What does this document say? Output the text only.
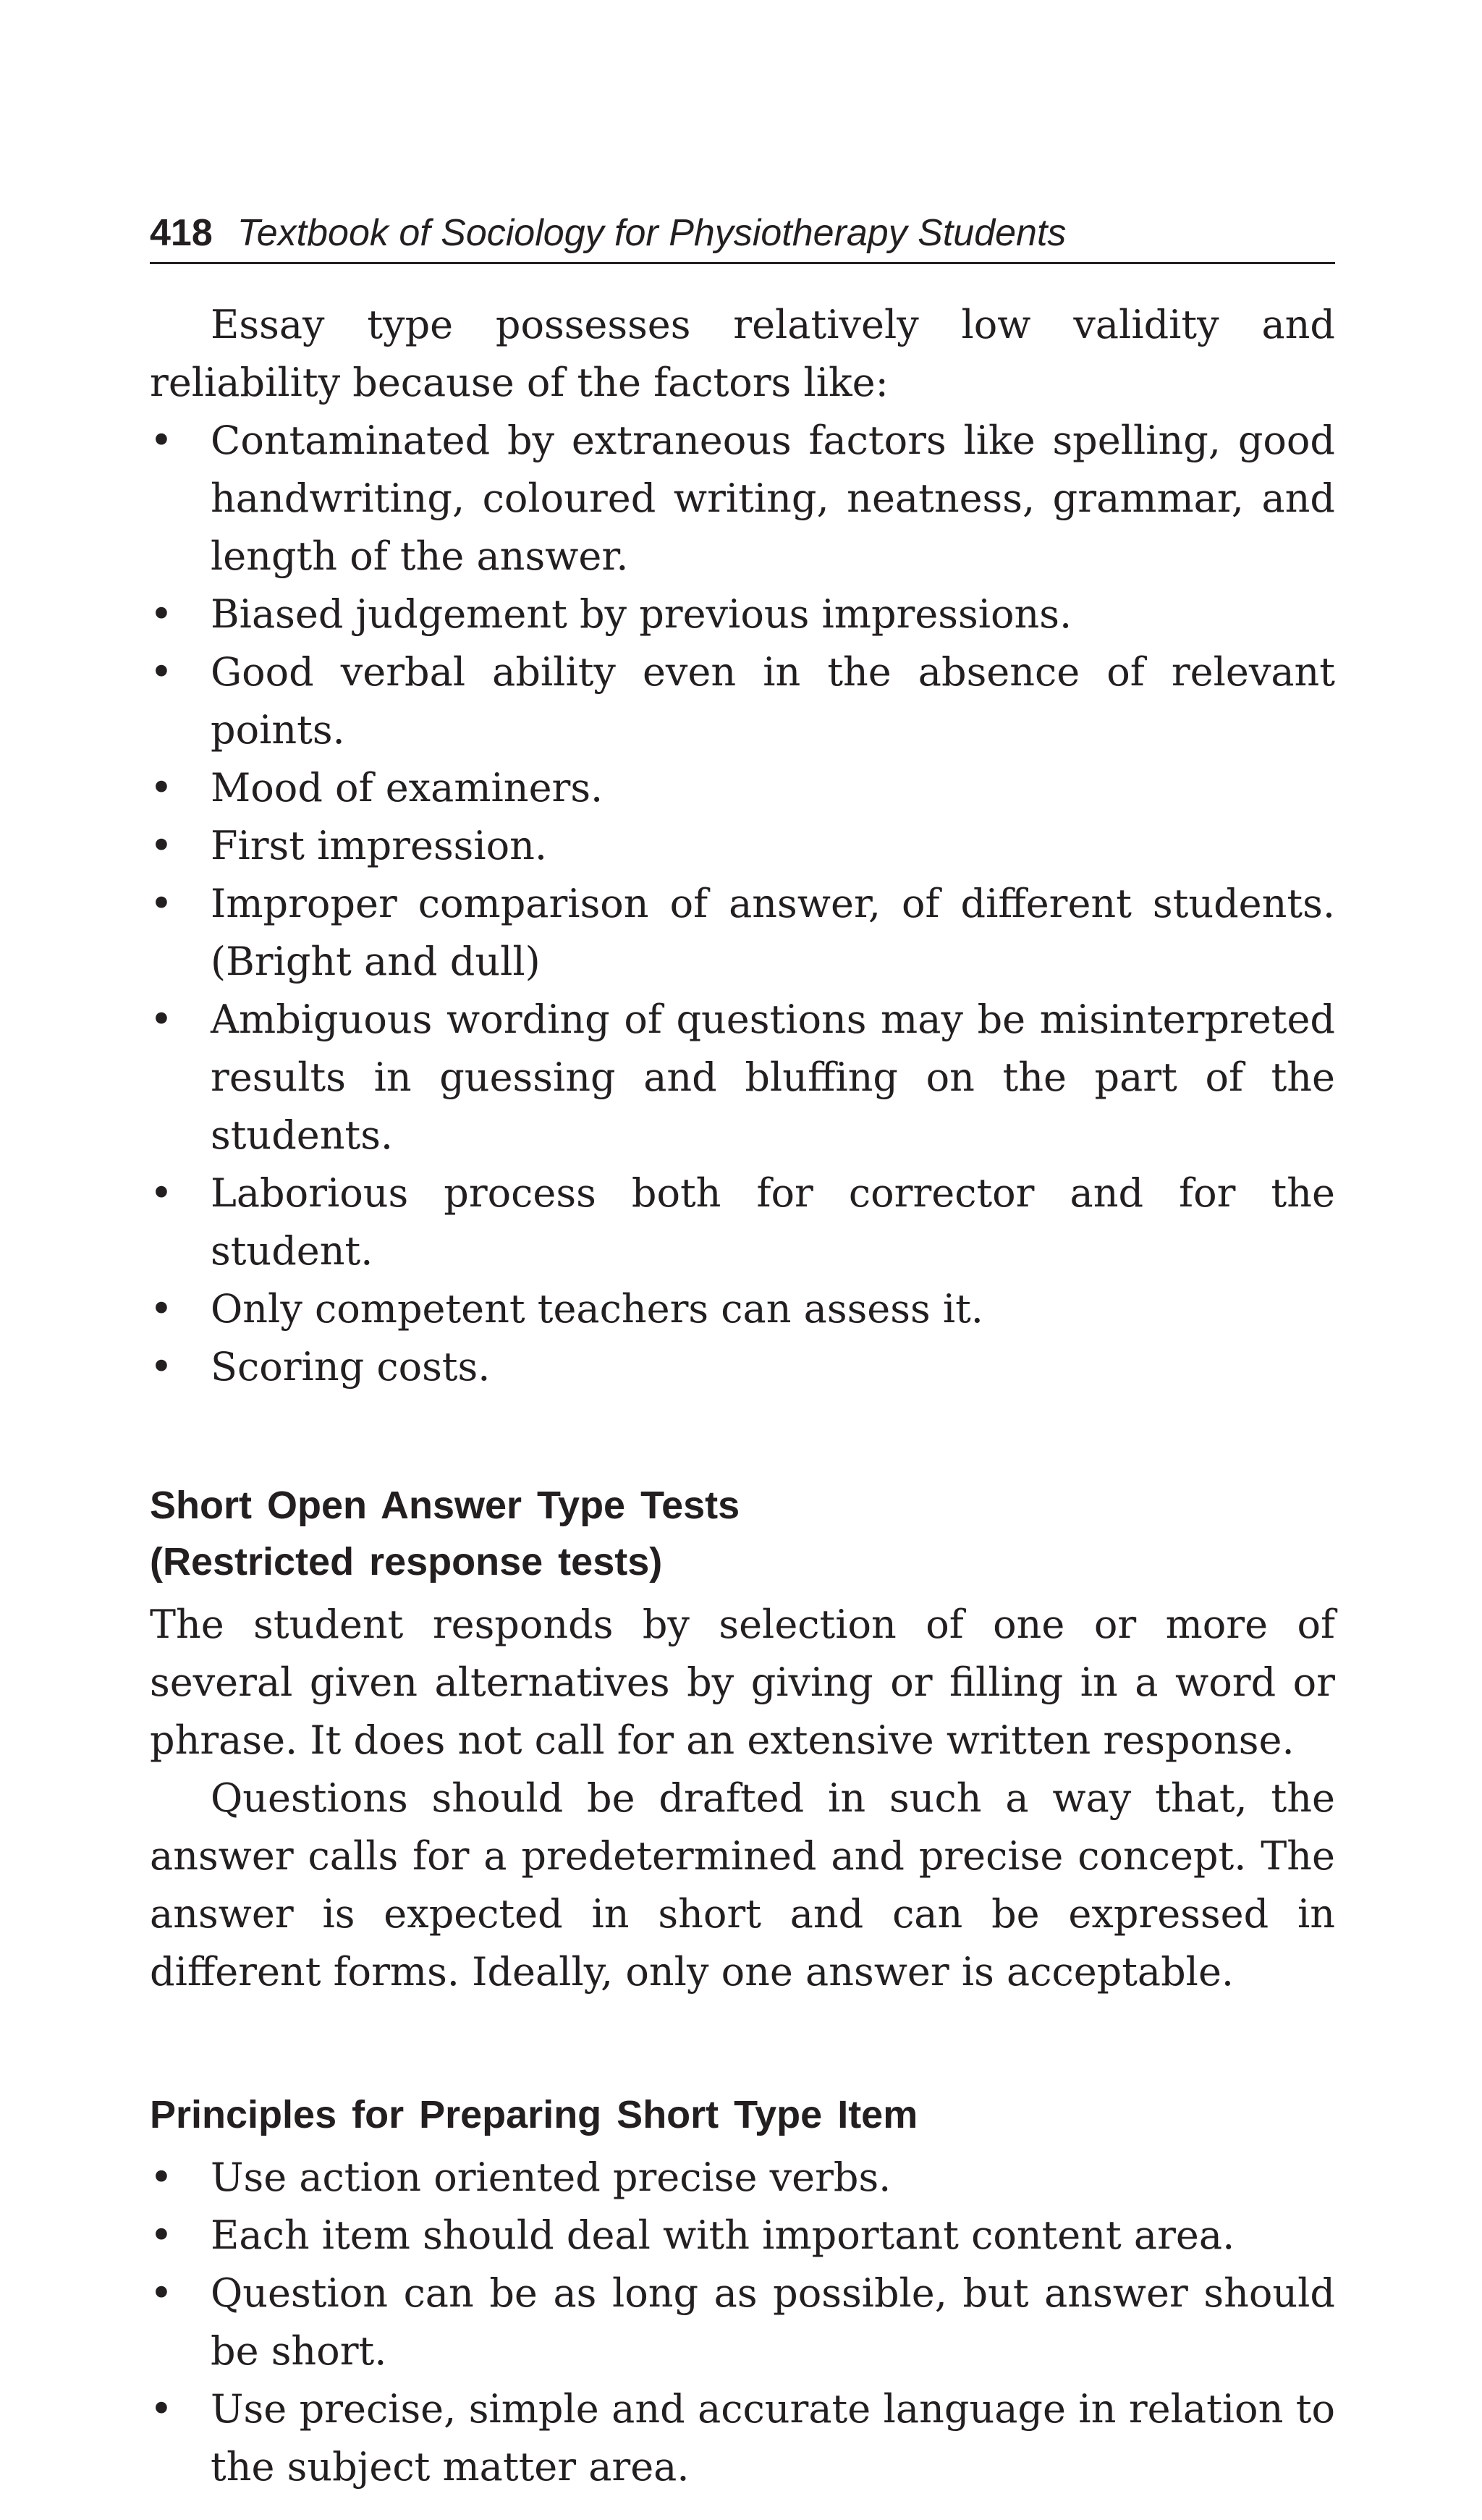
418 Textbook of Sociology for Physiotherapy Students

Essay type possesses relatively low validity and reliability because of the factors like:

• Contaminated by extraneous factors like spelling, good handwriting, coloured writing, neatness, grammar, and length of the answer.
• Biased judgement by previous impressions.
• Good verbal ability even in the absence of relevant points.
• Mood of examiners.
• First impression.
• Improper comparison of answer, of different students. (Bright and dull)
• Ambiguous wording of questions may be misinterpreted results in guessing and bluffing on the part of the students.
• Laborious process both for corrector and for the student.
• Only competent teachers can assess it.
• Scoring costs.
Short Open Answer Type Tests
(Restricted response tests)

The student responds by selection of one or more of several given alternatives by giving or filling in a word or phrase. It does not call for an extensive written response.

Questions should be drafted in such a way that, the answer calls for a predetermined and precise concept. The answer is expected in short and can be expressed in different forms. Ideally, only one answer is acceptable.

Principles for Preparing Short Type Item
• Use action oriented precise verbs.
• Each item should deal with important content area.
• Question can be as long as possible, but answer should be short.
• Use precise, simple and accurate language in relation to the subject matter area.
